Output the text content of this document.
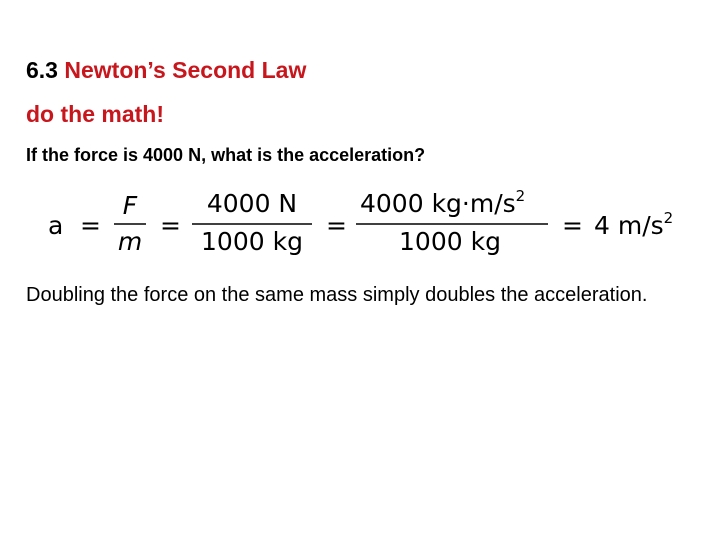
6.3 Newton’s Second Law
do the math!
If the force is 4000 N, what is the acceleration?
a =
F
m
=
4000 N
1000 kg
=
4000 $kg\cdot m/s^2$
1000 kg
= 4 $m/s^2$
Doubling the force on the same mass simply doubles the acceleration.
